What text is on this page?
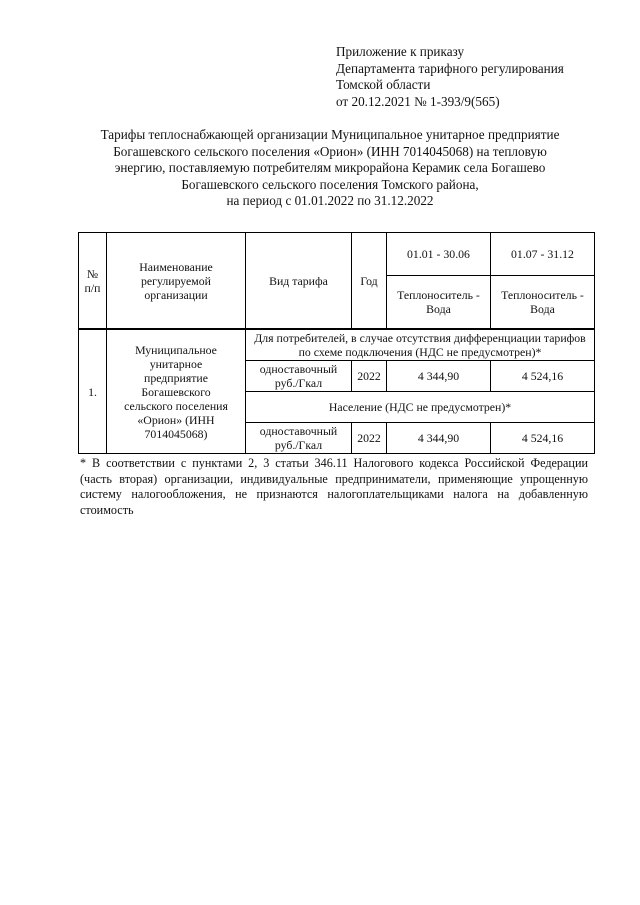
Приложение к приказу
Департамента тарифного регулирования
Томской области
от 20.12.2021 № 1-393/9(565)
Тарифы теплоснабжающей организации Муниципальное унитарное предприятие
Богашевского сельского поселения «Орион» (ИНН 7014045068) на тепловую
энергию, поставляемую потребителям микрорайона Керамик села Богашево
Богашевского сельского поселения Томского района,
на период с 01.01.2022 по 31.12.2022
№ п/п	Наименование регулируемой организации	Вид тарифа	Год	01.01 - 30.06	01.07 - 31.12
				Теплоноситель - Вода	Теплоноситель - Вода
1.	Муниципальное унитарное предприятие Богашевского сельского поселения «Орион» (ИНН 7014045068)	Для потребителей, в случае отсутствия дифференциации тарифов по схеме подключения (НДС не предусмотрен)*			
		одноставочный руб./Гкал	2022	4 344,90	4 524,16
		Население (НДС не предусмотрен)*			
		одноставочный руб./Гкал	2022	4 344,90	4 524,16
* В соответствии с пунктами 2, 3 статьи 346.11 Налогового кодекса Российской Федерации (часть вторая) организации, индивидуальные предприниматели, применяющие упрощенную систему налогообложения, не признаются налогоплательщиками налога на добавленную стоимость
